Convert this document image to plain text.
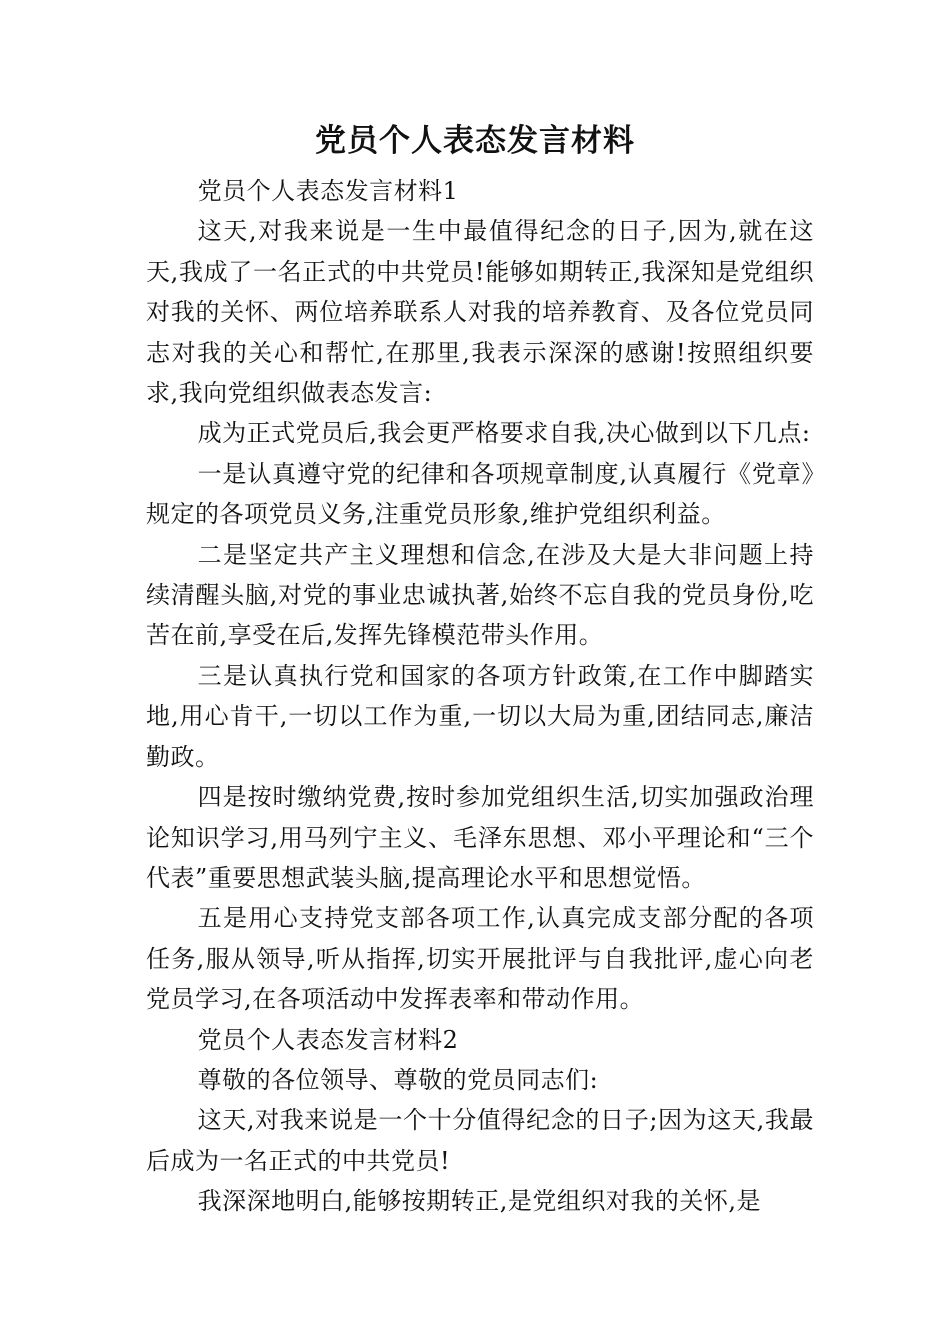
党员个人表态发言材料

党员个人表态发言材料1

这天,对我来说是一生中最值得纪念的日子,因为,就在这天,我成了一名正式的中共党员!能够如期转正,我深知是党组织对我的关怀、两位培养联系人对我的培养教育、及各位党员同志对我的关心和帮忙,在那里,我表示深深的感谢!按照组织要求,我向党组织做表态发言:

成为正式党员后,我会更严格要求自我,决心做到以下几点:

一是认真遵守党的纪律和各项规章制度,认真履行《党章》规定的各项党员义务,注重党员形象,维护党组织利益。

二是坚定共产主义理想和信念,在涉及大是大非问题上持续清醒头脑,对党的事业忠诚执著,始终不忘自我的党员身份,吃苦在前,享受在后,发挥先锋模范带头作用。

三是认真执行党和国家的各项方针政策,在工作中脚踏实地,用心肯干,一切以工作为重,一切以大局为重,团结同志,廉洁勤政。

四是按时缴纳党费,按时参加党组织生活,切实加强政治理论知识学习,用马列宁主义、毛泽东思想、邓小平理论和“三个代表”重要思想武装头脑,提高理论水平和思想觉悟。

五是用心支持党支部各项工作,认真完成支部分配的各项任务,服从领导,听从指挥,切实开展批评与自我批评,虚心向老党员学习,在各项活动中发挥表率和带动作用。

党员个人表态发言材料2

尊敬的各位领导、尊敬的党员同志们:

这天,对我来说是一个十分值得纪念的日子;因为这天,我最后成为一名正式的中共党员!

我深深地明白,能够按期转正,是党组织对我的关怀,是
